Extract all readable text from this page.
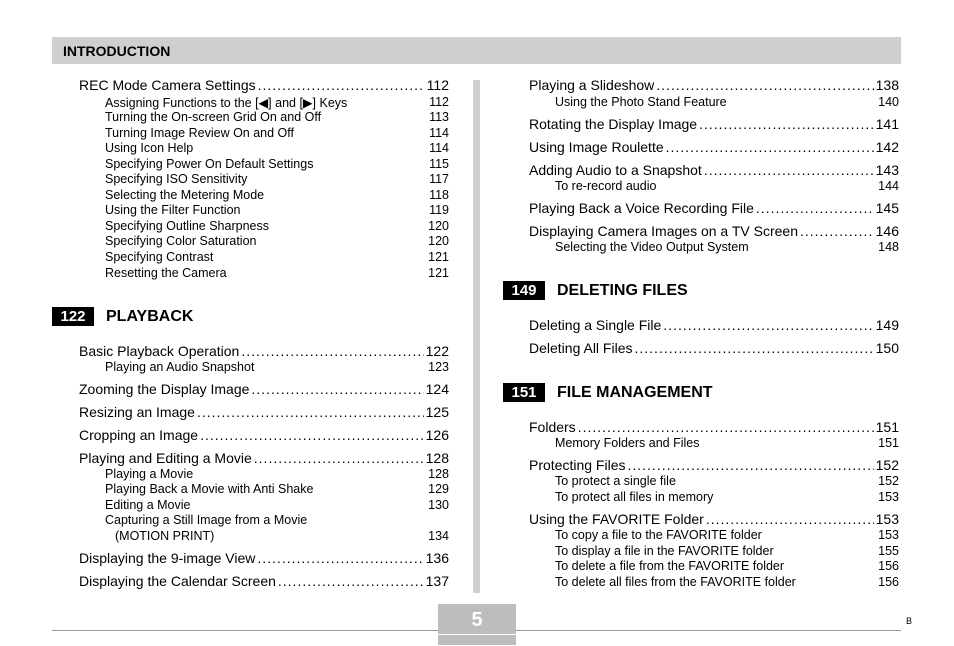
INTRODUCTION
REC Mode Camera Settings .....	112
Assigning Functions to the [◀] and [▶] Keys	112
Turning the On-screen Grid On and Off	113
Turning Image Review On and Off	114
Using Icon Help	114
Specifying Power On Default Settings	115
Specifying ISO Sensitivity	117
Selecting the Metering Mode	118
Using the Filter Function	119
Specifying Outline Sharpness	120
Specifying Color Saturation	120
Specifying Contrast	121
Resetting the Camera	121
122	PLAYBACK
Basic Playback Operation .....	122
Playing an Audio Snapshot	123
Zooming the Display Image .....	124
Resizing an Image .....	125
Cropping an Image .....	126
Playing and Editing a Movie .....	128
Playing a Movie	128
Playing Back a Movie with Anti Shake	129
Editing a Movie	130
Capturing a Still Image from a Movie
(MOTION PRINT)	134
Displaying the 9-image View .....	136
Displaying the Calendar Screen .....	137
Playing a Slideshow .....	138
Using the Photo Stand Feature	140
Rotating the Display Image .....	141
Using Image Roulette .....	142
Adding Audio to a Snapshot .....	143
To re-record audio	144
Playing Back a Voice Recording File .....	145
Displaying Camera Images on a TV Screen .....	146
Selecting the Video Output System	148
149	DELETING FILES
Deleting a Single File .....	149
Deleting All Files .....	150
151	FILE MANAGEMENT
Folders .....	151
Memory Folders and Files	151
Protecting Files .....	152
To protect a single file	152
To protect all files in memory	153
Using the FAVORITE Folder .....	153
To copy a file to the FAVORITE folder	153
To display a file in the FAVORITE folder	155
To delete a file from the FAVORITE folder	156
To delete all files from the FAVORITE folder	156
5	B
